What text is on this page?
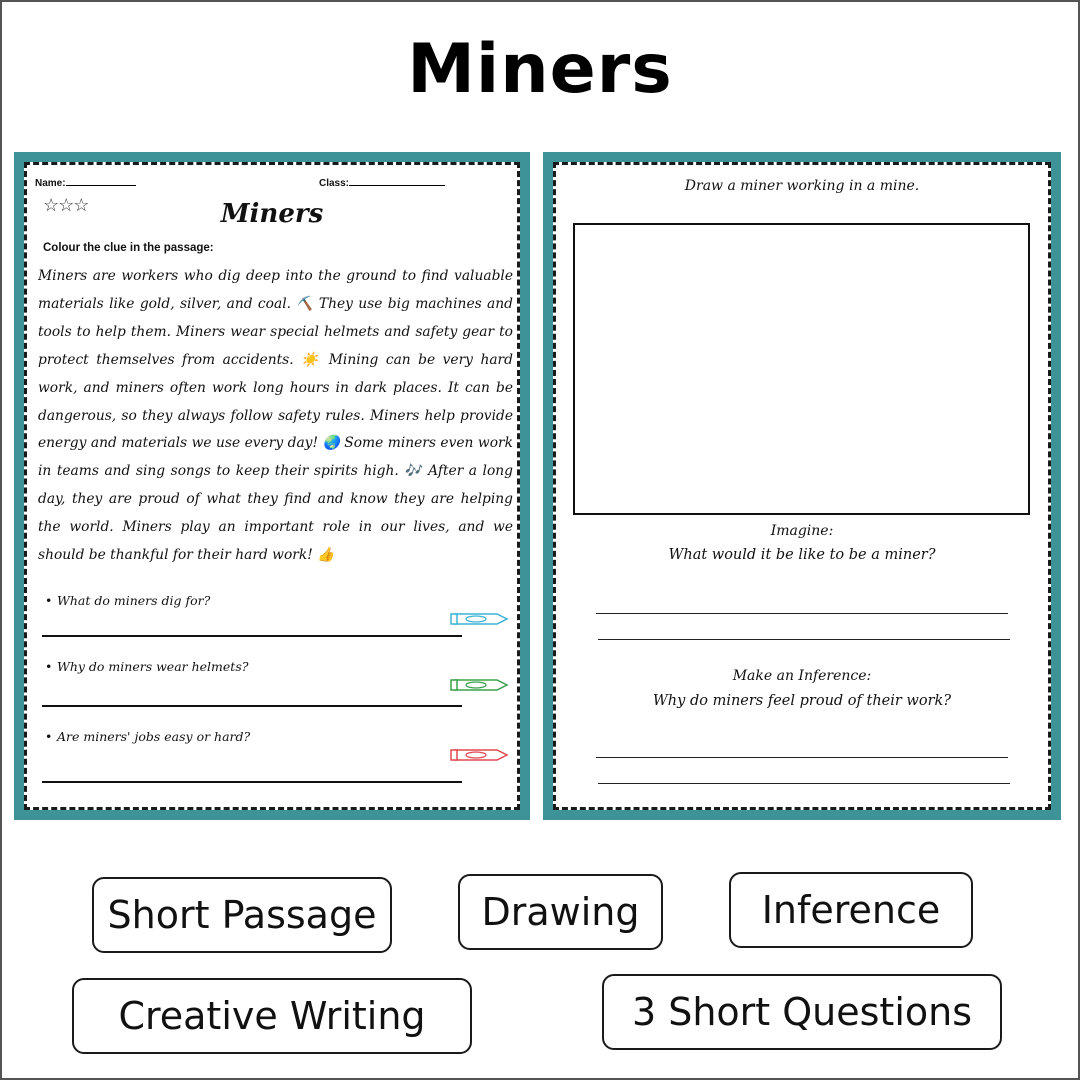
Miners
Name:	Class:
☆☆☆	Miners
Colour the clue in the passage:
Miners are workers who dig deep into the ground to find valuable materials like gold, silver, and coal. ⛏️ They use big machines and tools to help them. Miners wear special helmets and safety gear to protect themselves from accidents. ☀️ Mining can be very hard work, and miners often work long hours in dark places. It can be dangerous, so they always follow safety rules. Miners help provide energy and materials we use every day! 🌏 Some miners even work in teams and sing songs to keep their spirits high. 🎶 After a long day, they are proud of what they find and know they are helping the world. Miners play an important role in our lives, and we should be thankful for their hard work! 👍
• What do miners dig for?
• Why do miners wear helmets?
• Are miners' jobs easy or hard?
Draw a miner working in a mine.
Imagine:
What would it be like to be a miner?
Make an Inference:
Why do miners feel proud of their work?
Short Passage	Drawing	Inference
Creative Writing	3 Short Questions
